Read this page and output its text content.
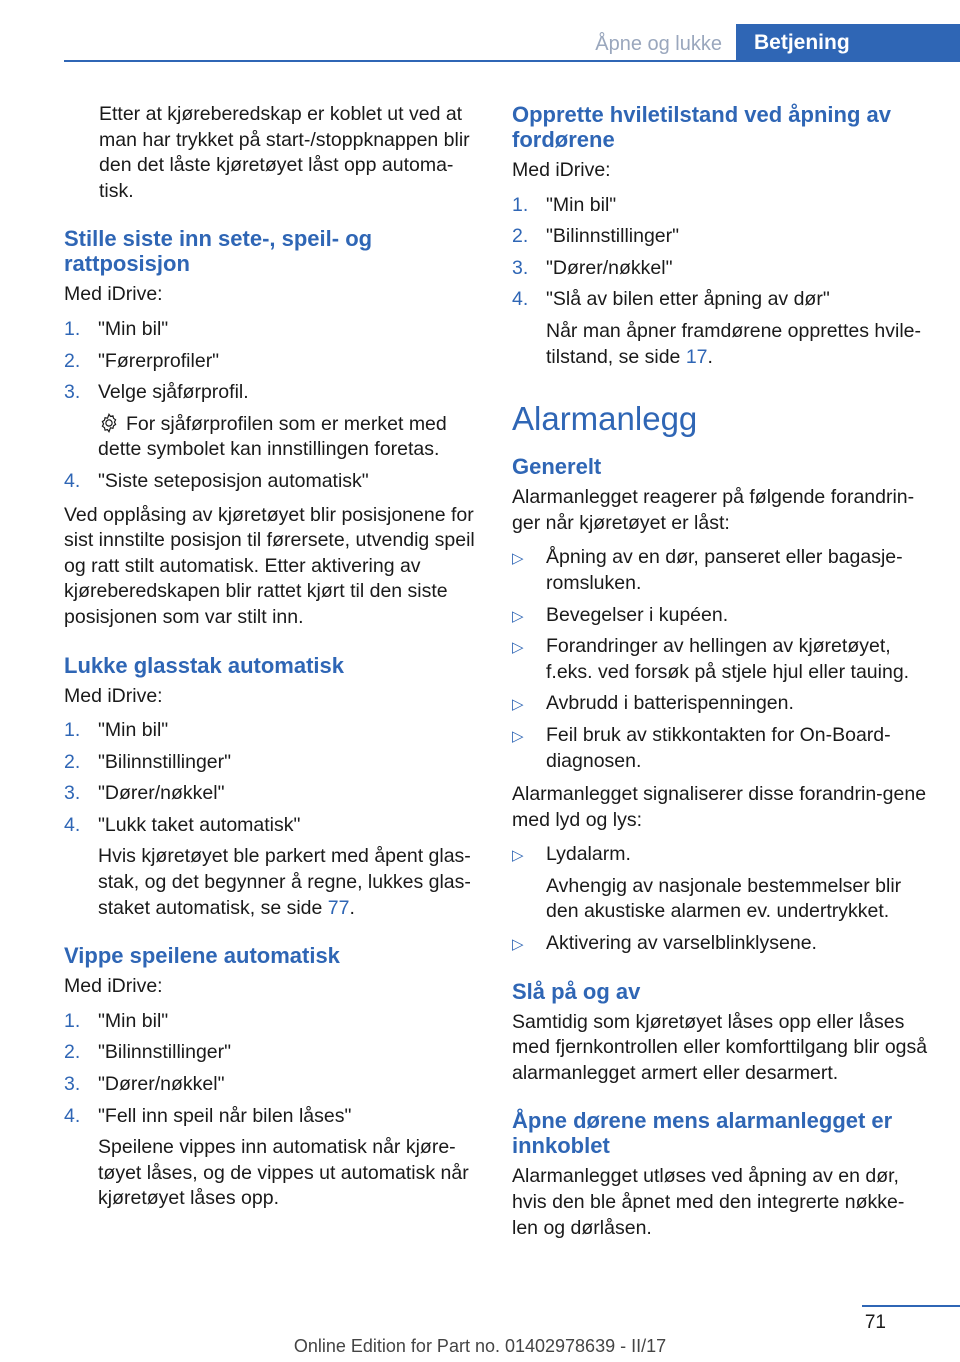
Åpne og lukke	Betjening

Etter at kjøreberedskap er koblet ut ved at man har trykket på start-/stoppknappen blir den det låste kjøretøyet låst opp automa-tisk.

Stille siste inn sete-, speil- og rattposisjon

Med iDrive:

1. "Min bil"
2. "Førerprofiler"
3. Velge sjåførprofil.
For sjåførprofilen som er merket med dette symbolet kan innstillingen foretas.
4. "Siste seteposisjon automatisk"

Ved opplåsing av kjøretøyet blir posisjonene for sist innstilte posisjon til førersete, utvendig speil og ratt stilt automatisk. Etter aktivering av kjøreberedskapen blir rattet kjørt til den siste posisjonen som var stilt inn.

Lukke glasstak automatisk

Med iDrive:

1. "Min bil"
2. "Bilinnstillinger"
3. "Dører/nøkkel"
4. "Lukk taket automatisk"
Hvis kjøretøyet ble parkert med åpent glas-stak, og det begynner å regne, lukkes glas-staket automatisk, se side 77.
Vippe speilene automatisk

Med iDrive:

1. "Min bil"
2. "Bilinnstillinger"
3. "Dører/nøkkel"
4. "Fell inn speil når bilen låses"
Speilene vippes inn automatisk når kjøre-tøyet låses, og de vippes ut automatisk når kjøretøyet låses opp.
Opprette hviletilstand ved åpning av fordørene

Med iDrive:

1. "Min bil"
2. "Bilinnstillinger"
3. "Dører/nøkkel"
4. "Slå av bilen etter åpning av dør"
Når man åpner framdørene opprettes hvile-tilstand, se side 17.
Alarmanlegg
Generelt

Alarmanlegget reagerer på følgende forandrin-ger når kjøretøyet er låst:

▷ Åpning av en dør, panseret eller bagasje-romsluken.
▷ Bevegelser i kupéen.
▷ Forandringer av hellingen av kjøretøyet, f.eks. ved forsøk på stjele hjul eller tauing.
▷ Avbrudd i batterispenningen.
▷ Feil bruk av stikkontakten for On-Board-diagnosen.

Alarmanlegget signaliserer disse forandrin-gene med lyd og lys:

▷ Lydalarm.
Avhengig av nasjonale bestemmelser blir den akustiske alarmen ev. undertrykket.
▷ Aktivering av varselblinklysene.
Slå på og av

Samtidig som kjøretøyet låses opp eller låses med fjernkontrollen eller komforttilgang blir også alarmanlegget armert eller desarmert.

Åpne dørene mens alarmanlegget er innkoblet

Alarmanlegget utløses ved åpning av en dør, hvis den ble åpnet med den integrerte nøkke-len og dørlåsen.

71
Online Edition for Part no. 01402978639 - II/17
